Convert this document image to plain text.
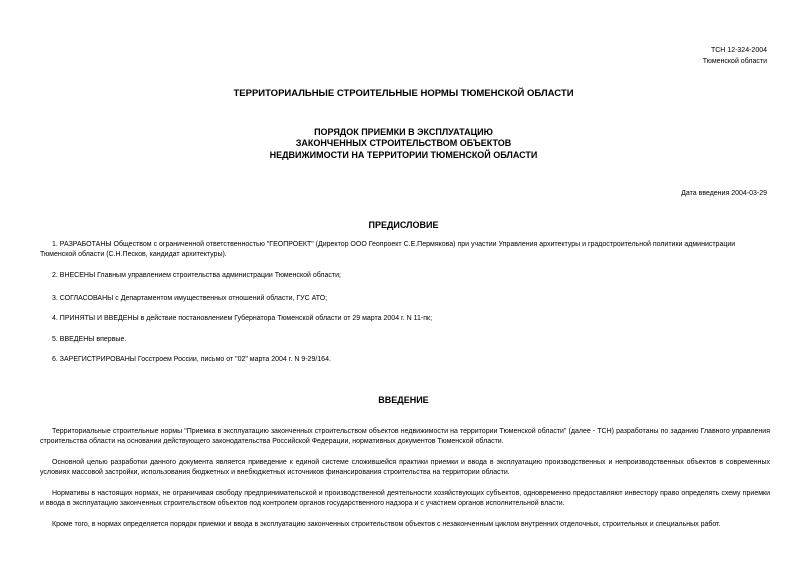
ТСН 12-324-2004
Тюменской области
ТЕРРИТОРИАЛЬНЫЕ СТРОИТЕЛЬНЫЕ НОРМЫ ТЮМЕНСКОЙ ОБЛАСТИ
ПОРЯДОК ПРИЕМКИ В ЭКСПЛУАТАЦИЮ
ЗАКОНЧЕННЫХ СТРОИТЕЛЬСТВОМ ОБЪЕКТОВ
НЕДВИЖИМОСТИ НА ТЕРРИТОРИИ ТЮМЕНСКОЙ ОБЛАСТИ
Дата введения 2004-03-29
ПРЕДИСЛОВИЕ
1. РАЗРАБОТАНЫ Обществом с ограниченной ответственностью "ГЕОПРОЕКТ" (Директор ООО Геопроект С.Е.Пермякова) при участии Управления архитектуры и градостроительной политики администрации Тюменской области (С.Н.Песков, кандидат архитектуры).
2. ВНЕСЕНЫ Главным управлением строительства администрации Тюменской области;
3. СОГЛАСОВАНЫ с Департаментом имущественных отношений области, ГУС АТО;
4. ПРИНЯТЫ И ВВЕДЕНЫ в действие постановлением Губернатора Тюменской области от 29 марта 2004 г. N 11-пк;
5. ВВЕДЕНЫ впервые.
6. ЗАРЕГИСТРИРОВАНЫ Госстроем России, письмо от "02" марта 2004 г. N 9-29/164.
ВВЕДЕНИЕ
Территориальные строительные нормы "Приемка в эксплуатацию законченных строительством объектов недвижимости на территории Тюменской области" (далее - ТСН) разработаны по заданию Главного управления строительства области на основании действующего законодательства Российской Федерации, нормативных документов Тюменской области.
Основной целью разработки данного документа является приведение к единой системе сложившейся практики приемки и ввода в эксплуатацию производственных и непроизводственных объектов в современных условиях массовой застройки, использования бюджетных и внебюджетных источников финансирования строительства на территории области.
Нормативы в настоящих нормах, не ограничивая свободу предпринимательской и производственной деятельности хозяйствующих субъектов, одновременно предоставляют инвестору право определять схему приемки и ввода в эксплуатацию законченных строительством объектов под контролем органов государственного надзора и с участием органов исполнительной власти.
Кроме того, в нормах определяется порядок приемки и ввода в эксплуатацию законченных строительством объектов с незаконченным циклом внутренних отделочных, строительных и специальных работ.
